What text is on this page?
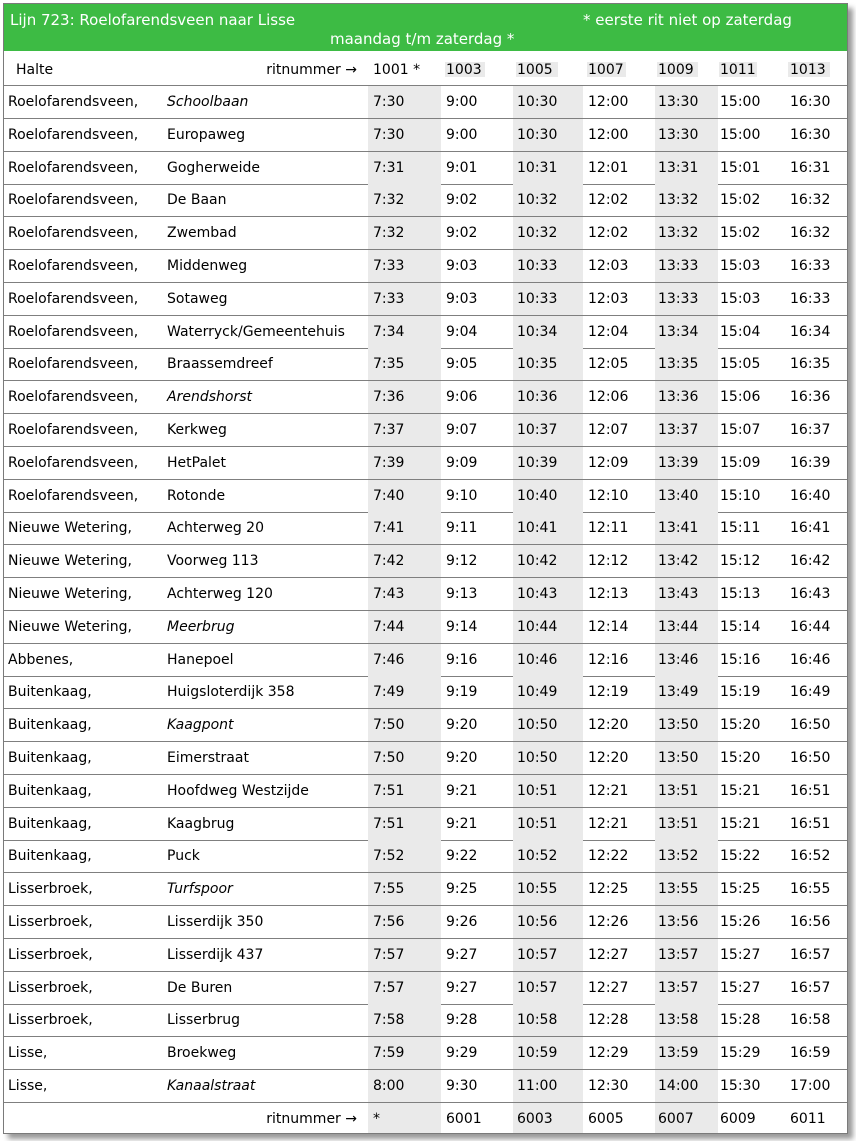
Lijn 723: Roelofarendsveen naar Lisse	* eerste rit niet op zaterdag
maandag t/m zaterdag *
Halte	ritnummer → 1001 * 1003	1005	1007 1009 1011 1013
Roelofarendsveen, Schoolbaan	7:30	9:00	10:30 12:00 13:30 15:00 16:30
Roelofarendsveen, Europaweg	7:30	9:00	10:30 12:00 13:30 15:00 16:30
Roelofarendsveen, Gogherweide	7:31	9:01	10:31 12:01 13:31 15:01 16:31
Roelofarendsveen, De Baan	7:32	9:02	10:32 12:02 13:32 15:02 16:32
Roelofarendsveen, Zwembad	7:32	9:02	10:32 12:02 13:32 15:02 16:32
Roelofarendsveen, Middenweg	7:33	9:03	10:33 12:03 13:33 15:03 16:33
Roelofarendsveen, Sotaweg	7:33	9:03	10:33 12:03 13:33 15:03 16:33
Roelofarendsveen, Waterryck/Gemeentehuis 7:34	9:04	10:34 12:04 13:34 15:04 16:34
Roelofarendsveen, Braassemdreef	7:35	9:05	10:35 12:05 13:35 15:05 16:35
Roelofarendsveen, Arendshorst	7:36	9:06	10:36 12:06 13:36 15:06 16:36
Roelofarendsveen, Kerkweg	7:37	9:07	10:37 12:07 13:37 15:07 16:37
Roelofarendsveen, HetPalet	7:39	9:09	10:39 12:09 13:39 15:09 16:39
Roelofarendsveen, Rotonde	7:40	9:10	10:40 12:10 13:40 15:10 16:40
Nieuwe Wetering,	Achterweg 20	7:41	9:11	10:41 12:11 13:41 15:11 16:41
Nieuwe Wetering,	Voorweg 113	7:42	9:12	10:42 12:12 13:42 15:12 16:42
Nieuwe Wetering,	Achterweg 120	7:43	9:13	10:43 12:13 13:43 15:13 16:43
Nieuwe Wetering,	Meerbrug	7:44	9:14	10:44 12:14 13:44 15:14 16:44
Abbenes,	Hanepoel	7:46	9:16	10:46 12:16 13:46 15:16 16:46
Buitenkaag,	Huigsloterdijk 358	7:49	9:19	10:49 12:19 13:49 15:19 16:49
Buitenkaag,	Kaagpont	7:50	9:20	10:50 12:20 13:50 15:20 16:50
Buitenkaag,	Eimerstraat	7:50	9:20	10:50 12:20 13:50 15:20 16:50
Buitenkaag,	Hoofdweg Westzijde	7:51	9:21	10:51 12:21 13:51 15:21 16:51
Buitenkaag,	Kaagbrug	7:51	9:21	10:51 12:21 13:51 15:21 16:51
Buitenkaag,	Puck	7:52	9:22	10:52 12:22 13:52 15:22 16:52
Lisserbroek,	Turfspoor	7:55	9:25	10:55 12:25 13:55 15:25 16:55
Lisserbroek,	Lisserdijk 350	7:56	9:26	10:56 12:26 13:56 15:26 16:56
Lisserbroek,	Lisserdijk 437	7:57	9:27	10:57 12:27 13:57 15:27 16:57
Lisserbroek,	De Buren	7:57	9:27	10:57 12:27 13:57 15:27 16:57
Lisserbroek,	Lisserbrug	7:58	9:28	10:58 12:28 13:58 15:28 16:58
Lisse,	Broekweg	7:59	9:29	10:59 12:29 13:59 15:29 16:59
Lisse,	Kanaalstraat	8:00	9:30	11:00 12:30 14:00 15:30 17:00
ritnummer → *	6001	6003	6005 6007 6009 6011
